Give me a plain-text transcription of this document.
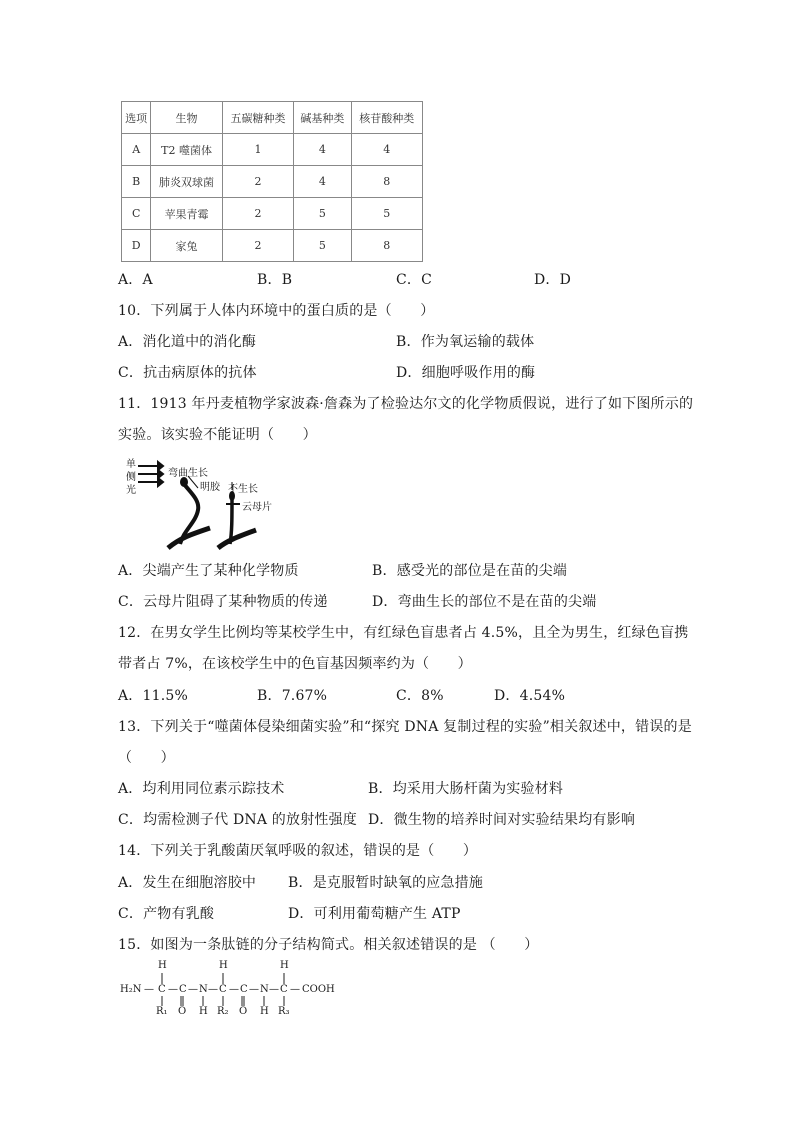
选项	生物	五碳糖种类	碱基种类	核苷酸种类
A	T2 噬菌体	1	4	4
B	肺炎双球菌	2	4	8
C	苹果青霉	2	5	5
D	家兔	2	5	8
A．A	B．B	C．C	D．D
10．下列属于人体内环境中的蛋白质的是（　　）
A．消化道中的消化酶	B．作为氧运输的载体
C．抗击病原体的抗体	D．细胞呼吸作用的酶
11．1913 年丹麦植物学家波森·詹森为了检验达尔文的化学物质假说，进行了如下图所示的
实验。该实验不能证明（　　）
单
侧
光
弯曲生长
明胶 不生长
云母片
A．尖端产生了某种化学物质	B．感受光的部位是在苗的尖端
C．云母片阻碍了某种物质的传递	D．弯曲生长的部位不是在苗的尖端
12．在男女学生比例均等某校学生中，有红绿色盲患者占 4.5%，且全为男生，红绿色盲携
带者占 7%，在该校学生中的色盲基因频率约为（　　）
A．11.5%	B．7.67%	C．8%	D．4.54%
13．下列关于“噬菌体侵染细菌实验”和“探究 DNA 复制过程的实验”相关叙述中，错误的是
（　　）
A．均利用同位素示踪技术	B．均采用大肠杆菌为实验材料
C．均需检测子代 DNA 的放射性强度 D．微生物的培养时间对实验结果均有影响
14．下列关于乳酸菌厌氧呼吸的叙述，错误的是（　　）
A．发生在细胞溶胶中 B．是克服暂时缺氧的应急措施
C．产物有乳酸	D．可利用葡萄糖产生 ATP
15．如图为一条肽链的分子结构简式。相关叙述错误的是 （　　）
H	H	H
H₂N — C — C — N — C — C — N — C — COOH
R₁ O H R₂ O H R₃
